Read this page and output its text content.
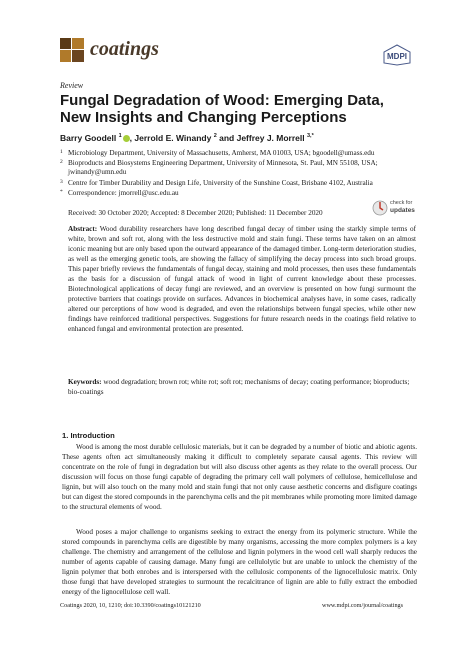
coatings	MDPI
Review
Fungal Degradation of Wood: Emerging Data, New Insights and Changing Perceptions
Barry Goodell $^1$ , Jerrold E. Winandy $^2$ and Jeffrey J. Morrell $^{3,*}$
1 Microbiology Department, University of Massachusetts, Amherst, MA 01003, USA; bgoodell@umass.edu
2 Bioproducts and Biosystems Engineering Department, University of Minnesota, St. Paul, MN 55108, USA; jwinandy@umn.edu
3 Centre for Timber Durability and Design Life, University of the Sunshine Coast, Brisbane 4102, Australia
* Correspondence: jmorrell@usc.edu.au
Received: 30 October 2020; Accepted: 8 December 2020; Published: 11 December 2020
check for
updates
Abstract: Wood durability researchers have long described fungal decay of timber using the starkly simple terms of white, brown and soft rot, along with the less destructive mold and stain fungi. These terms have taken on an almost iconic meaning but are only based upon the outward appearance of the damaged timber. Long-term deterioration studies, as well as the emerging genetic tools, are showing the fallacy of simplifying the decay process into such broad groups. This paper briefly reviews the fundamentals of fungal decay, staining and mold processes, then uses these fundamentals as the basis for a discussion of fungal attack of wood in light of current knowledge about these processes. Biotechnological applications of decay fungi are reviewed, and an overview is presented on how fungi surmount the protective barriers that coatings provide on surfaces. Advances in biochemical analyses have, in some cases, radically altered our perceptions of how wood is degraded, and even the relationships between fungal species, while other new findings have reinforced traditional perspectives. Suggestions for future research needs in the coatings field relative to enhanced fungal and environmental protection are presented.
Keywords: wood degradation; brown rot; white rot; soft rot; mechanisms of decay; coating performance; bioproducts; bio-coatings
1. Introduction
Wood is among the most durable cellulosic materials, but it can be degraded by a number of biotic and abiotic agents. These agents often act simultaneously making it difficult to completely separate causal agents. This review will concentrate on the role of fungi in degradation but will also discuss other agents as they relate to the overall process. Our discussion will focus on those fungi capable of degrading the primary cell wall polymers of cellulose, hemicellulose and lignin, but will also touch on the many mold and stain fungi that not only cause aesthetic concerns and disfigure coatings but can digest the stored compounds in the parenchyma cells and the pit membranes while promoting more limited damage to the structural elements of wood.
Wood poses a major challenge to organisms seeking to extract the energy from its polymeric structure. While the stored compounds in parenchyma cells are digestible by many organisms, accessing the more complex polymers is a key challenge. The chemistry and arrangement of the cellulose and lignin polymers in the wood cell wall sharply reduces the number of agents capable of causing damage. Many fungi are cellulolytic but are unable to unlock the chemistry of the lignin polymer that both enrobes and is interspersed with the cellulosic components of the lignocellulosic matrix. Only those fungi that have developed strategies to surmount the recalcitrance of lignin are able to fully extract the embodied energy of the lignocellulose cell wall.
Coatings 2020, 10, 1210; doi:10.3390/coatings10121210	www.mdpi.com/journal/coatings
